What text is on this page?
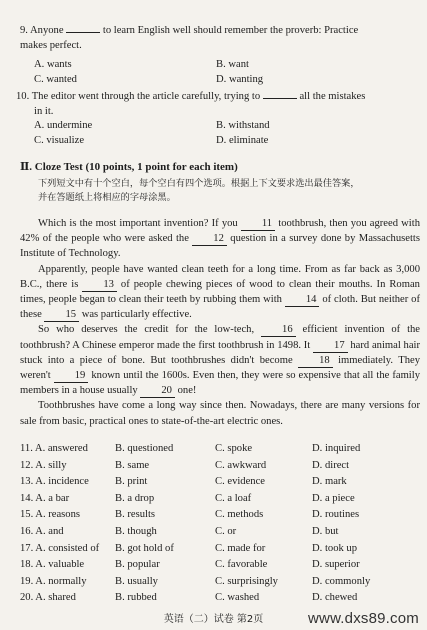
9. Anyone	to learn English well should remember the proverb: Practice
makes perfect.
A. wants	B. want
C. wanted	D. wanting
10. The editor went through the article carefully, trying to	all the mistakes
in it.
A. undermine	B. withstand
C. visualize	D. eliminate
Ⅱ. Cloze Test (10 points, 1 point for each item)
下列短文中有十个空白，每个空白有四个选项。根据上下文要求选出最佳答案，
并在答题纸上将相应的字母涂黑。

Which is the most important invention? If you 11 toothbrush, then you agreed with 42% of the people who were asked the 12 question in a survey done by Massachusetts Institute of Technology.

Apparently, people have wanted clean teeth for a long time. From as far back as 3,000 B.C., there is 13 of people chewing pieces of wood to clean their mouths. In Roman times, people began to clean their teeth by rubbing them with 14 of cloth. But neither of these 15 was particularly effective.

So who deserves the credit for the low-tech,	16 efficient invention of the toothbrush? A Chinese emperor made the first toothbrush in 1498. It 17 hard animal hair stuck into a piece of bone. But toothbrushes didn't become 18 immediately. They weren't 19 known until the 1600s. Even then, they were so expensive that all the family members in a house usually 20 one!

Toothbrushes have come a long way since then. Nowadays, there are many versions for sale from basic, practical ones to state-of-the-art electric ones.

11. A. answered	B. questioned	C. spoke	D. inquired
12. A. silly	B. same	C. awkward	D. direct
13. A. incidence B. print	C. evidence	D. mark
14. A. a bar	B. a drop	C. a loaf	D. a piece
15. A. reasons	B. results	C. methods	D. routines
16. A. and	B. though	C. or	D. but
17. A. consisted of B. got hold of	C. made for	D. took up
18. A. valuable	B. popular	C. favorable	D. superior
19. A. normally	B. usually	C. surprisingly	D. commonly
20. A. shared	B. rubbed	C. washed	D. chewed
英语（二）试卷 第2页	www.dxs89.com
